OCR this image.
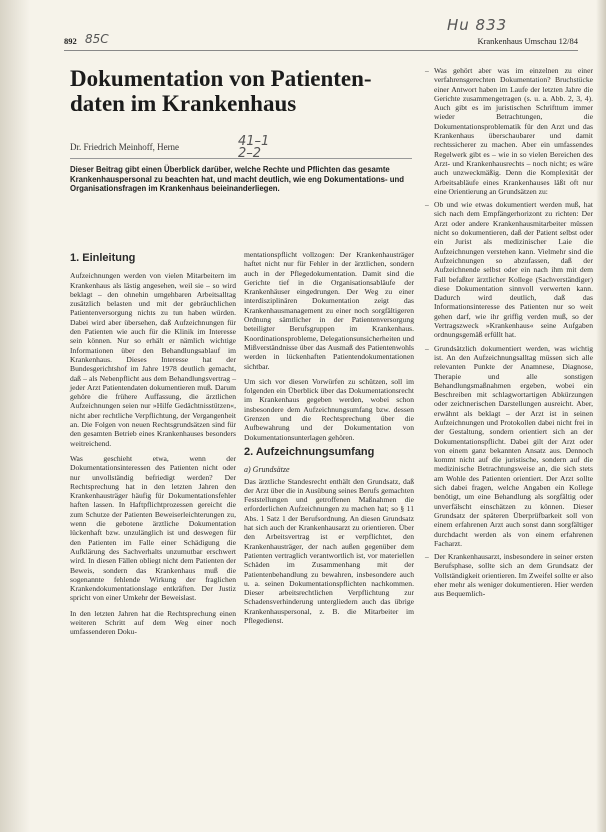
Hu 833
85C
41–1
2–2
892	Krankenhaus Umschau 12/84
Dokumentation von Patientendaten im Krankenhaus
Dr. Friedrich Meinhoff, Herne
Dieser Beitrag gibt einen Überblick darüber, welche Rechte und Pflichten das gesamte Krankenhauspersonal zu beachten hat, und macht deutlich, wie eng Dokumentations- und Organisationsfragen im Krankenhaus beieinanderliegen.
1. Einleitung

Aufzeichnungen werden von vielen Mitarbeitern im Krankenhaus als lästig angesehen, weil sie – so wird beklagt – den ohnehin umgehbaren Arbeitsalltag zusätzlich belasten und mit der gebräuchlichen Patientenversorgung nichts zu tun haben würden. Dabei wird aber übersehen, daß Aufzeichnungen für den Patienten wie auch für die Klinik im Interesse sein können. Nur so erhält er nämlich wichtige Informationen über den Behandlungsablauf im Krankenhaus. Dieses Interesse hat der Bundesgerichtshof im Jahre 1978 deutlich gemacht, daß – als Nebenpflicht aus dem Behandlungsvertrag – jeder Arzt Patientendaten dokumentieren muß. Darum gehöre die frühere Auffassung, die ärztlichen Aufzeichnungen seien nur »Hilfe Gedächtnisstützen«, nicht aber rechtliche Verpflichtung, der Vergangenheit an. Die Folgen von neuen Rechtsgrundsätzen sind für den gesamten Betrieb eines Krankenhauses besonders weitreichend.

Was geschieht etwa, wenn der Dokumentationsinteressen des Patienten nicht oder nur unvollständig befriedigt werden? Der Rechtsprechung hat in den letzten Jahren den Krankenhausträger häufig für Dokumentationsfehler haften lassen. In Haftpflichtprozessen gereicht die zum Schutze der Patienten Beweiserleichterungen zu, wenn die gebotene ärztliche Dokumentation lückenhaft bzw. unzulänglich ist und deswegen für den Patienten im Falle einer Schädigung die Aufklärung des Sachverhalts unzumutbar erschwert wird. In diesen Fällen obliegt nicht dem Patienten der Beweis, sondern das Krankenhaus muß die sogenannte fehlende Wirkung der fraglichen Krankendokumentationslage entkräften. Der Justiz spricht von einer Umkehr der Beweislast.

In den letzten Jahren hat die Rechtsprechung einen weiteren Schritt auf dem Weg einer noch umfassenderen Doku-

mentationspflicht vollzogen: Der Krankenhausträger haftet nicht nur für Fehler in der ärztlichen, sondern auch in der Pflegedokumentation. Damit sind die Gerichte tief in die Organisationsabläufe der Krankenhäuser eingedrungen. Der Weg zu einer interdisziplinären Dokumentation zeigt das Krankenhausmanagement zu einer noch sorgfältigeren Ordnung sämtlicher in der Patientenversorgung beteiligter Berufsgruppen im Krankenhaus. Koordinationsprobleme, Delegationsunsicherheiten und Mißverständnisse über das Ausmaß des Patientenwohls werden in lückenhaften Patientendokumentationen sichtbar.

Um sich vor diesen Vorwürfen zu schützen, soll im folgenden ein Überblick über das Dokumentationsrecht im Krankenhaus gegeben werden, wobei schon insbesondere dem Aufzeichnungsumfang bzw. dessen Grenzen und die Rechtsprechung über die Aufbewahrung und der Dokumentation von Dokumentationsunterlagen gehören.

2. Aufzeichnungsumfang
a) Grundsätze

Das ärztliche Standesrecht enthält den Grundsatz, daß der Arzt über die in Ausübung seines Berufs gemachten Feststellungen und getroffenen Maßnahmen die erforderlichen Aufzeichnungen zu machen hat; so § 11 Abs. 1 Satz 1 der Berufsordnung. An diesen Grundsatz hat sich auch der Krankenhausarzt zu orientieren. Über den Arbeitsvertrag ist er verpflichtet, den Krankenhausträger, der nach außen gegenüber dem Patienten vertraglich verantwortlich ist, vor materiellen Schäden im Zusammenhang mit der Patientenbehandlung zu bewahren, insbesondere auch u. a. seinen Dokumentationspflichten nachkommen. Dieser arbeitsrechtlichen Verpflichtung zur Schadensverhinderung untergliedern auch das übrige Krankenhauspersonal, z. B. die Mitarbeiter im Pflegedienst.

– Was gehört aber was im einzelnen zu einer verfahrensgerechten Dokumentation? Bruchstücke einer Antwort haben im Laufe der letzten Jahre die Gerichte zusammengetragen (s. u. a. Abb. 2, 3, 4). Auch gibt es im juristischen Schrifttum immer wieder Betrachtungen, die Dokumentationsproblematik für den Arzt und das Krankenhaus überschaubarer und damit rechtssicherer zu machen. Aber ein umfassendes Regelwerk gibt es – wie in so vielen Bereichen des Arzt- und Krankenhausrechts – noch nicht; es wäre auch unzweckmäßig. Denn die Komplexität der Arbeitsabläufe eines Krankenhauses läßt oft nur eine Orientierung an Grundsätzen zu:

– Ob und wie etwas dokumentiert werden muß, hat sich nach dem Empfängerhorizont zu richten: Der Arzt oder andere Krankenhausmitarbeiter müssen nicht so dokumentieren, daß der Patient selbst oder ein Jurist als medizinischer Laie die Aufzeichnungen verstehen kann. Vielmehr sind die Aufzeichnungen so abzufassen, daß der Aufzeichnende selbst oder ein nach ihm mit dem Fall befaßter ärztlicher Kollege (Sachverständiger) diese Dokumentation sinnvoll verwerten kann. Dadurch wird deutlich, daß das Informationsinteresse des Patienten nur so weit gehen darf, wie ihr griffig verden muß, so der Vertragszweck »Krankenhaus« seine Aufgaben ordnungsgemäß erfüllt hat.

– Grundsätzlich dokumentiert werden, was wichtig ist. An den Aufzeichnungsalltag müssen sich alle relevanten Punkte der Anamnese, Diagnose, Therapie und alle sonstigen Behandlungsmaßnahmen ergeben, wobei ein Beschreiben mit schlagwortartigen Abkürzungen oder zeichnerischen Darstellungen ausreicht. Aber, erwähnt als beklagt – der Arzt ist in seinen Aufzeichnungen und Protokollen dabei nicht frei in der Gestaltung, sondern orientiert sich an der Dokumentationspflicht. Dabei gilt der Arzt oder von einem ganz bekannten Ansatz aus. Dennoch kommt nicht auf die juristische, sondern auf die medizinische Betrachtungsweise an, die sich stets am Wohle des Patienten orientiert. Der Arzt sollte sich dabei fragen, welche Angaben ein Kollege benötigt, um eine Behandlung als sorgfältig oder unverfälscht einschätzen zu können. Dieser Grundsatz der späteren Überprüfbarkeit soll von einem erfahrenen Arzt auch sonst dann sorgfältiger durchdacht werden als von einem erfahrenen Facharzt.

– Der Krankenhausarzt, insbesondere in seiner ersten Berufsphase, sollte sich an dem Grundsatz der Vollständigkeit orientieren. Im Zweifel sollte er also eher mehr als weniger dokumentieren. Hier werden aus Bequemlich-
